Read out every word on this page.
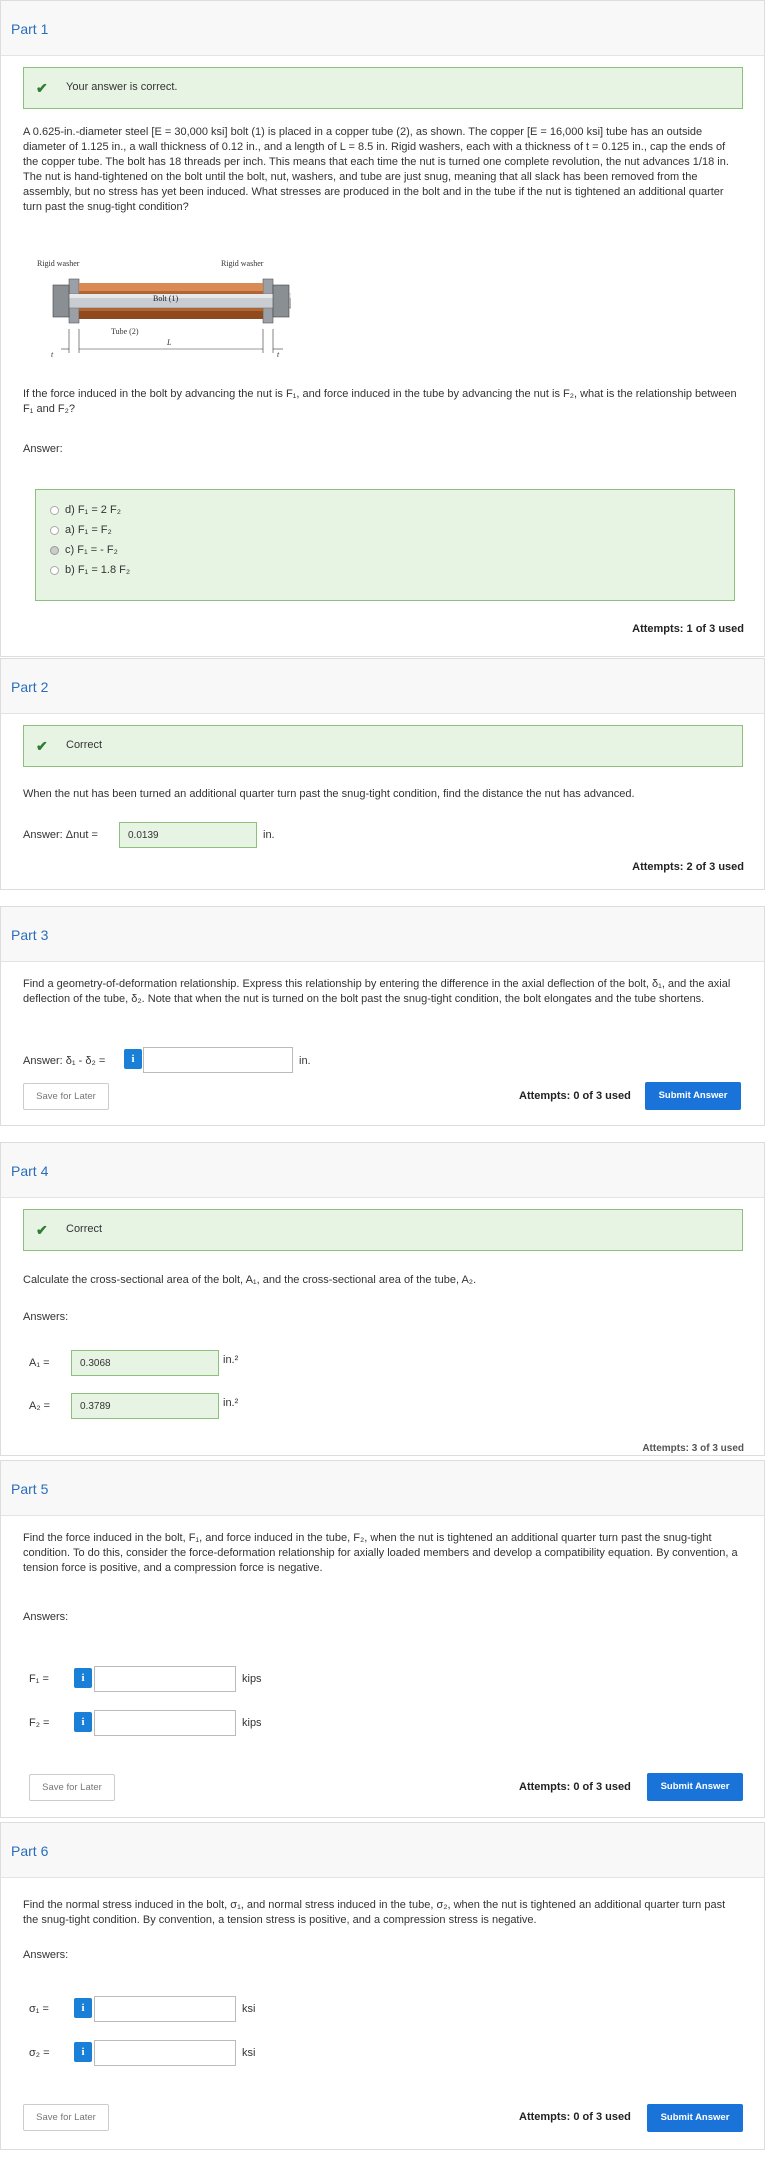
Part 1
✔ Your answer is correct.
A 0.625-in.-diameter steel [E = 30,000 ksi] bolt (1) is placed in a copper tube (2), as shown. The copper [E = 16,000 ksi] tube has an outside diameter of 1.125 in., a wall thickness of 0.12 in., and a length of L = 8.5 in. Rigid washers, each with a thickness of t = 0.125 in., cap the ends of the copper tube. The bolt has 18 threads per inch. This means that each time the nut is turned one complete revolution, the nut advances 1/18 in. The nut is hand-tightened on the bolt until the bolt, nut, washers, and tube are just snug, meaning that all slack has been removed from the assembly, but no stress has yet been induced. What stresses are produced in the bolt and in the tube if the nut is tightened an additional quarter turn past the snug-tight condition?
Rigid washer	Rigid washer
Bolt (1)
Tube (2)
t
L
t
If the force induced in the bolt by advancing the nut is F₁, and force induced in the tube by advancing the nut is F₂, what is the relationship between F₁ and F₂?
Answer:
d) F₁ = 2 F₂
a) F₁ = F₂
c) F₁ = - F₂
b) F₁ = 1.8 F₂
Attempts: 1 of 3 used
Part 2
✔ Correct
When the nut has been turned an additional quarter turn past the snug-tight condition, find the distance the nut has advanced.
Answer: Δnut =	0.0139	in.
Attempts: 2 of 3 used
Part 3
Find a geometry-of-deformation relationship. Express this relationship by entering the difference in the axial deflection of the bolt, δ₁, and the axial deflection of the tube, δ₂. Note that when the nut is turned on the bolt past the snug-tight condition, the bolt elongates and the tube shortens.
Answer: δ₁ - δ₂ =	i	in.
Save for Later	Attempts: 0 of 3 used	Submit Answer
Part 4
✔ Correct
Calculate the cross-sectional area of the bolt, A₁, and the cross-sectional area of the tube, A₂.
Answers:
A₁ =	0.3068	in.²
A₂ =	0.3789	in.²
Attempts: 3 of 3 used
Part 5
Find the force induced in the bolt, F₁, and force induced in the tube, F₂, when the nut is tightened an additional quarter turn past the snug-tight condition. To do this, consider the force-deformation relationship for axially loaded members and develop a compatibility equation. By convention, a tension force is positive, and a compression force is negative.
Answers:
F₁ =	i	kips
F₂ =	i	kips
Save for Later	Attempts: 0 of 3 used	Submit Answer
Part 6
Find the normal stress induced in the bolt, σ₁, and normal stress induced in the tube, σ₂, when the nut is tightened an additional quarter turn past the snug-tight condition. By convention, a tension stress is positive, and a compression stress is negative.
Answers:
σ₁ =	i	ksi
σ₂ =	i	ksi
Save for Later	Attempts: 0 of 3 used	Submit Answer
